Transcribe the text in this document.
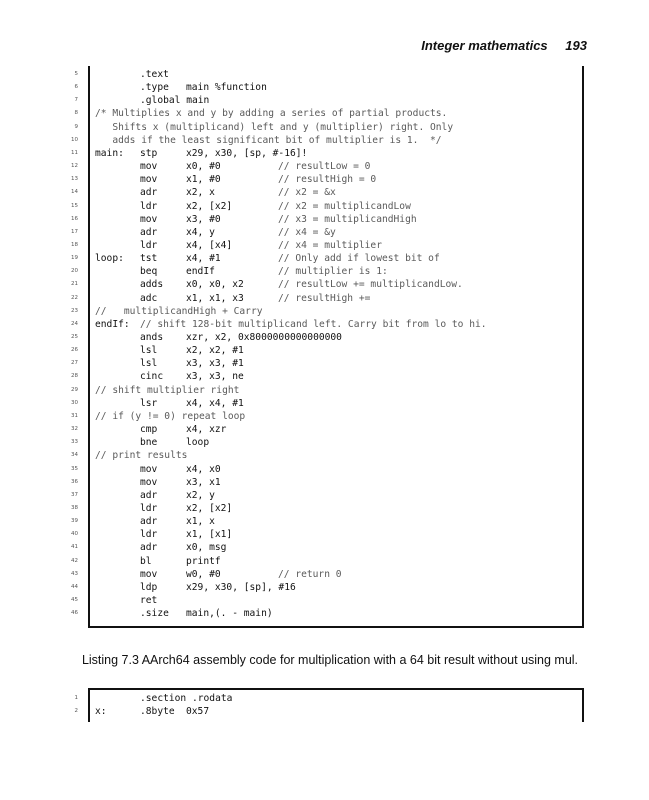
Integer mathematics 193
5	.text
6	.type main %function
7	.global main
8 /* Multiplies x and y by adding a series of partial products.
9 Shifts x (multiplicand) left and y (multiplier) right. Only
10 adds if the least significant bit of multiplier is 1.  */
11 main: stp	x29, x30, [sp, #-16]!
12	mov	x0, #0	// resultLow = 0
13	mov	x1, #0	// resultHigh = 0
14	adr	x2, x	// x2 = &x
15	ldr	x2, [x2]	// x2 = multiplicandLow
16	mov	x3, #0	// x3 = multiplicandHigh
17	adr	x4, y	// x4 = &y
18	ldr	x4, [x4]	// x4 = multiplier
19 loop: tst	x4, #1	// Only add if lowest bit of
20	beq	endIf	// multiplier is 1:
21	adds x0, x0, x2	// resultLow += multiplicandLow.
22	adc	x1, x1, x3	// resultHigh +=
23 //   multiplicandHigh + Carry
24 endIf: // shift 128-bit multiplicand left. Carry bit from lo to hi.
25	ands xzr, x2, 0x8000000000000000
26	lsl	x2, x2, #1
27	lsl	x3, x3, #1
28	cinc x3, x3, ne
29 // shift multiplier right
30	lsr	x4, x4, #1
31 // if (y != 0) repeat loop
32	cmp	x4, xzr
33	bne	loop
34 // print results
35	mov	x4, x0
36	mov	x3, x1
37	adr	x2, y
38	ldr	x2, [x2]
39	adr	x1, x
40	ldr	x1, [x1]
41	adr	x0, msg
42	bl	printf
43	mov	w0, #0	// return 0
44	ldp	x29, x30, [sp], #16
45	ret
46	.size main,(. - main)
Listing 7.3 AArch64 assembly code for multiplication with a 64 bit result without using mul.
1	.section .rodata
2 x:	.8byte 0x57
